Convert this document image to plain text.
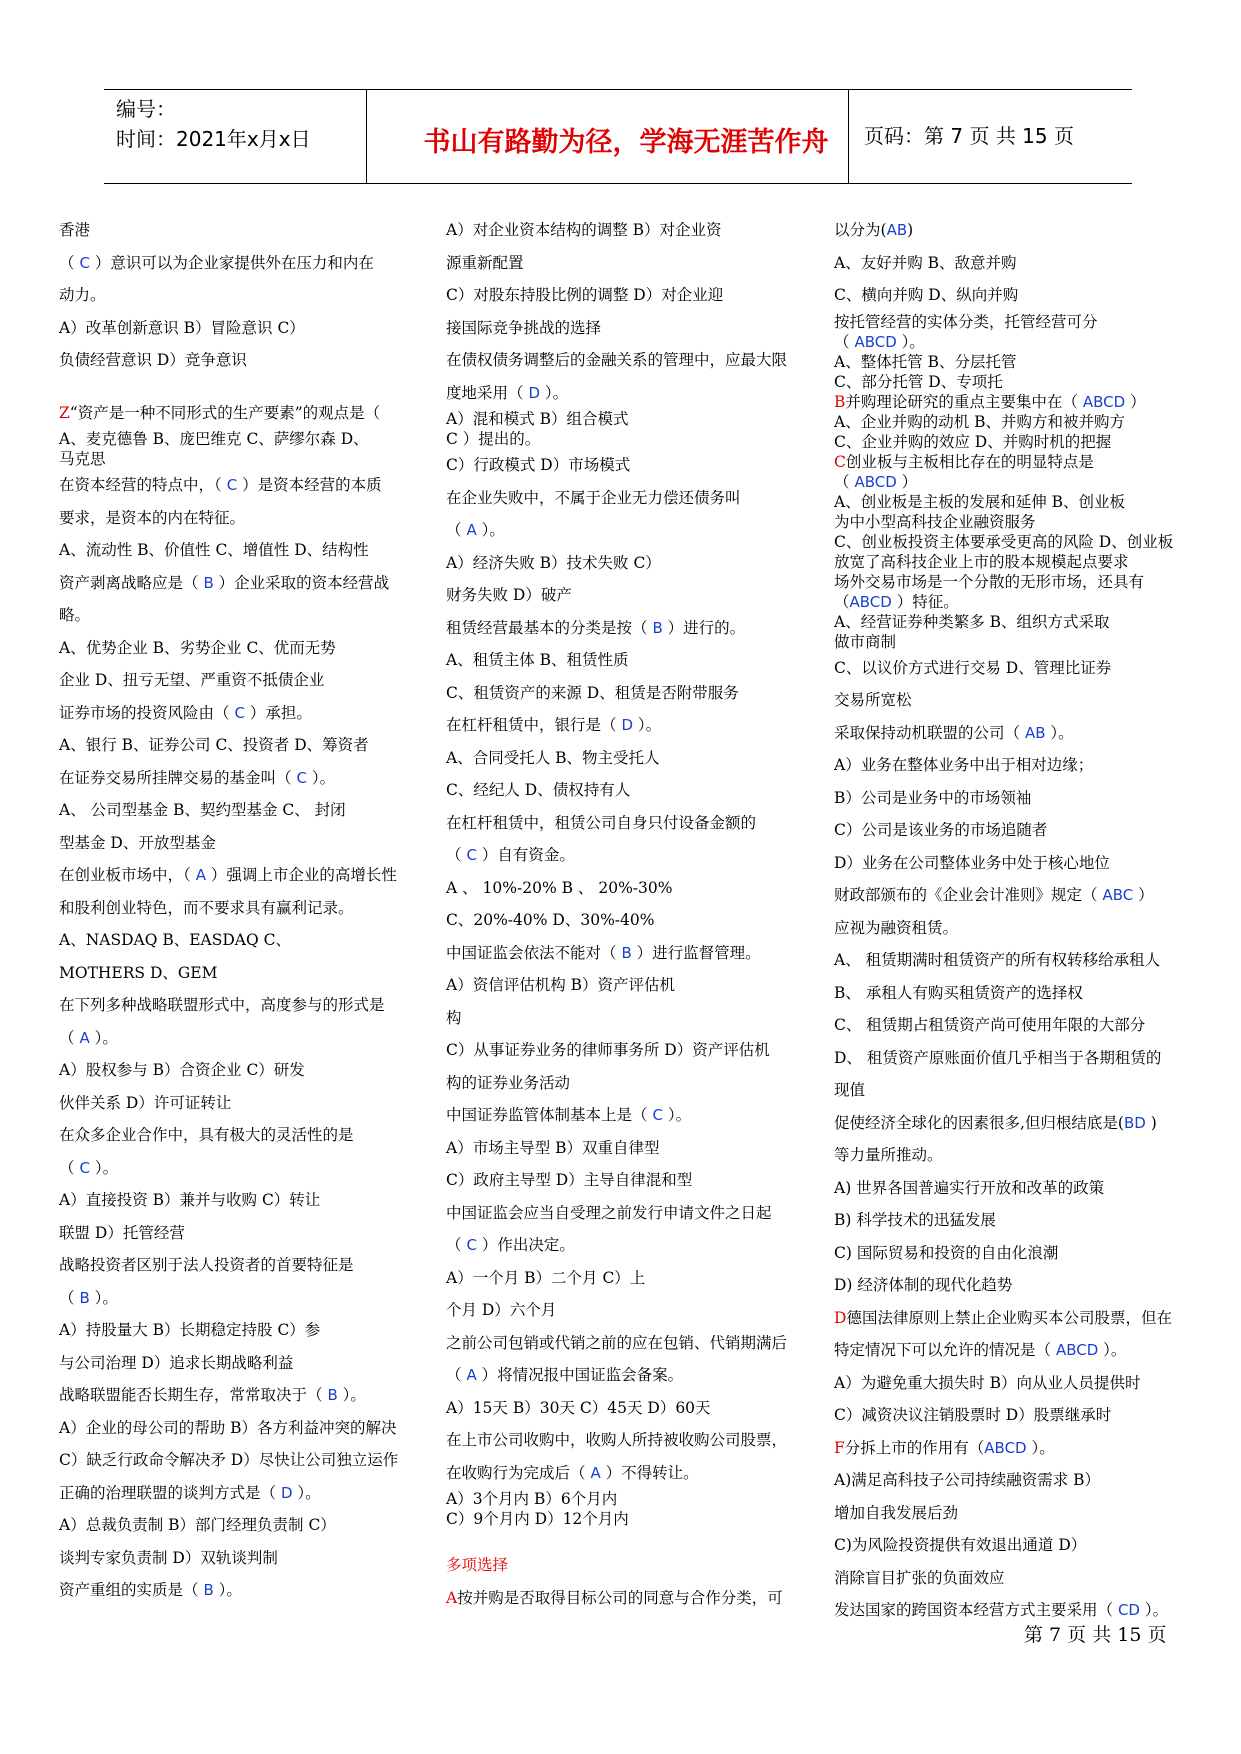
编号：
时间：2021年x月x日	书山有路勤为径，学海无涯苦作舟	页码：第 7 页 共 15 页
香港
（ C ）意识可以为企业家提供外在压力和内在
动力。
A）改革创新意识 B）冒险意识 C）
负债经营意识 D）竞争意识

Z“资产是一种不同形式的生产要素”的观点是（
A、麦克德鲁 B、庞巴维克 C、萨缪尔森 D、
马克思
在资本经营的特点中，（ C ）是资本经营的本质
要求，是资本的内在特征。
A、流动性 B、价值性 C、增值性 D、结构性
资产剥离战略应是（ B ）企业采取的资本经营战
略。
A、优势企业 B、劣势企业 C、优而无势
企业 D、扭亏无望、严重资不抵债企业
证券市场的投资风险由（ C ）承担。
A、银行 B、证券公司 C、投资者 D、筹资者
在证券交易所挂牌交易的基金叫（ C ）。
A、 公司型基金 B、契约型基金 C、 封闭
型基金 D、开放型基金
在创业板市场中，（ A ）强调上市企业的高增长性
和股利创业特色，而不要求具有赢利记录。
A、NASDAQ B、EASDAQ C、
MOTHERS D、GEM
在下列多种战略联盟形式中，高度参与的形式是
（ A ）。
A）股权参与 B）合资企业 C）研发
伙伴关系 D）许可证转让
在众多企业合作中，具有极大的灵活性的是
（ C ）。
A）直接投资 B）兼并与收购 C）转让
联盟 D）托管经营
战略投资者区别于法人投资者的首要特征是
（ B ）。
A）持股量大 B）长期稳定持股 C）参
与公司治理 D）追求长期战略利益
战略联盟能否长期生存，常常取决于（ B ）。
A）企业的母公司的帮助 B）各方利益冲突的解决
C）缺乏行政命令解决矛 D）尽快让公司独立运作
正确的治理联盟的谈判方式是（ D ）。
A）总裁负责制 B）部门经理负责制 C）
谈判专家负责制 D）双轨谈判制
资产重组的实质是（ B ）。
A）对企业资本结构的调整 B）对企业资
源重新配置
C）对股东持股比例的调整 D）对企业迎
接国际竞争挑战的选择
在债权债务调整后的金融关系的管理中，应最大限
度地采用（ D ）。
A）混和模式 B）组合模式
C ）提出的。
C）行政模式 D）市场模式
在企业失败中，不属于企业无力偿还债务叫
（ A ）。
A）经济失败 B）技术失败 C）
财务失败 D）破产
租赁经营最基本的分类是按（ B ）进行的。
A、租赁主体 B、租赁性质
C、租赁资产的来源 D、租赁是否附带服务
在杠杆租赁中，银行是（ D ）。
A、合同受托人 B、物主受托人
C、经纪人 D、债权持有人
在杠杆租赁中，租赁公司自身只付设备金额的
（ C ）自有资金。
A 、 10%-20% B 、 20%-30%
C、20%-40% D、30%-40%
中国证监会依法不能对（ B ）进行监督管理。
A）资信评估机构 B）资产评估机
构
C）从事证券业务的律师事务所 D）资产评估机
构的证券业务活动
中国证券监管体制基本上是（ C ）。
A）市场主导型 B）双重自律型
C）政府主导型 D）主导自律混和型
中国证监会应当自受理之前发行申请文件之日起
（ C ）作出决定。
A）一个月 B）二个月 C）上
个月 D）六个月
之前公司包销或代销之前的应在包销、代销期满后
（ A ）将情况报中国证监会备案。
A）15天 B）30天 C）45天 D）60天
在上市公司收购中，收购人所持被收购公司股票，
在收购行为完成后（ A ）不得转让。
A）3个月内 B）6个月内
C）9个月内 D）12个月内

多项选择
A按并购是否取得目标公司的同意与合作分类，可
以分为(AB)
A、友好并购 B、敌意并购
C、横向并购 D、纵向并购
按托管经营的实体分类，托管经营可分
（ ABCD ）。
A、整体托管 B、分层托管
C、部分托管 D、专项托
B并购理论研究的重点主要集中在（ ABCD ）
A、企业并购的动机 B、并购方和被并购方
C、企业并购的效应 D、并购时机的把握
C创业板与主板相比存在的明显特点是
（ ABCD ）
A、创业板是主板的发展和延伸 B、创业板
为中小型高科技企业融资服务
C、创业板投资主体要承受更高的风险 D、创业板
放宽了高科技企业上市的股本规模起点要求
场外交易市场是一个分散的无形市场，还具有
（ABCD ）特征。
A、经营证券种类繁多 B、组织方式采取
做市商制
C、以议价方式进行交易 D、管理比证券
交易所宽松
采取保持动机联盟的公司（ AB ）。
A）业务在整体业务中出于相对边缘；
B）公司是业务中的市场领袖
C）公司是该业务的市场追随者
D）业务在公司整体业务中处于核心地位
财政部颁布的《企业会计准则》规定（ ABC ）
应视为融资租赁。
A、 租赁期满时租赁资产的所有权转移给承租人
B、 承租人有购买租赁资产的选择权
C、 租赁期占租赁资产尚可使用年限的大部分
D、 租赁资产原账面价值几乎相当于各期租赁的
现值
促使经济全球化的因素很多,但归根结底是(BD )
等力量所推动。
A) 世界各国普遍实行开放和改革的政策
B) 科学技术的迅猛发展
C) 国际贸易和投资的自由化浪潮
D) 经济体制的现代化趋势
D德国法律原则上禁止企业购买本公司股票，但在
特定情况下可以允许的情况是（ ABCD ）。
A）为避免重大损失时 B）向从业人员提供时
C）减资决议注销股票时 D）股票继承时
F分拆上市的作用有（ABCD ）。
A)满足高科技子公司持续融资需求 B）
增加自我发展后劲
C)为风险投资提供有效退出通道 D）
消除盲目扩张的负面效应
发达国家的跨国资本经营方式主要采用（ CD ）。
第 7 页 共 15 页
